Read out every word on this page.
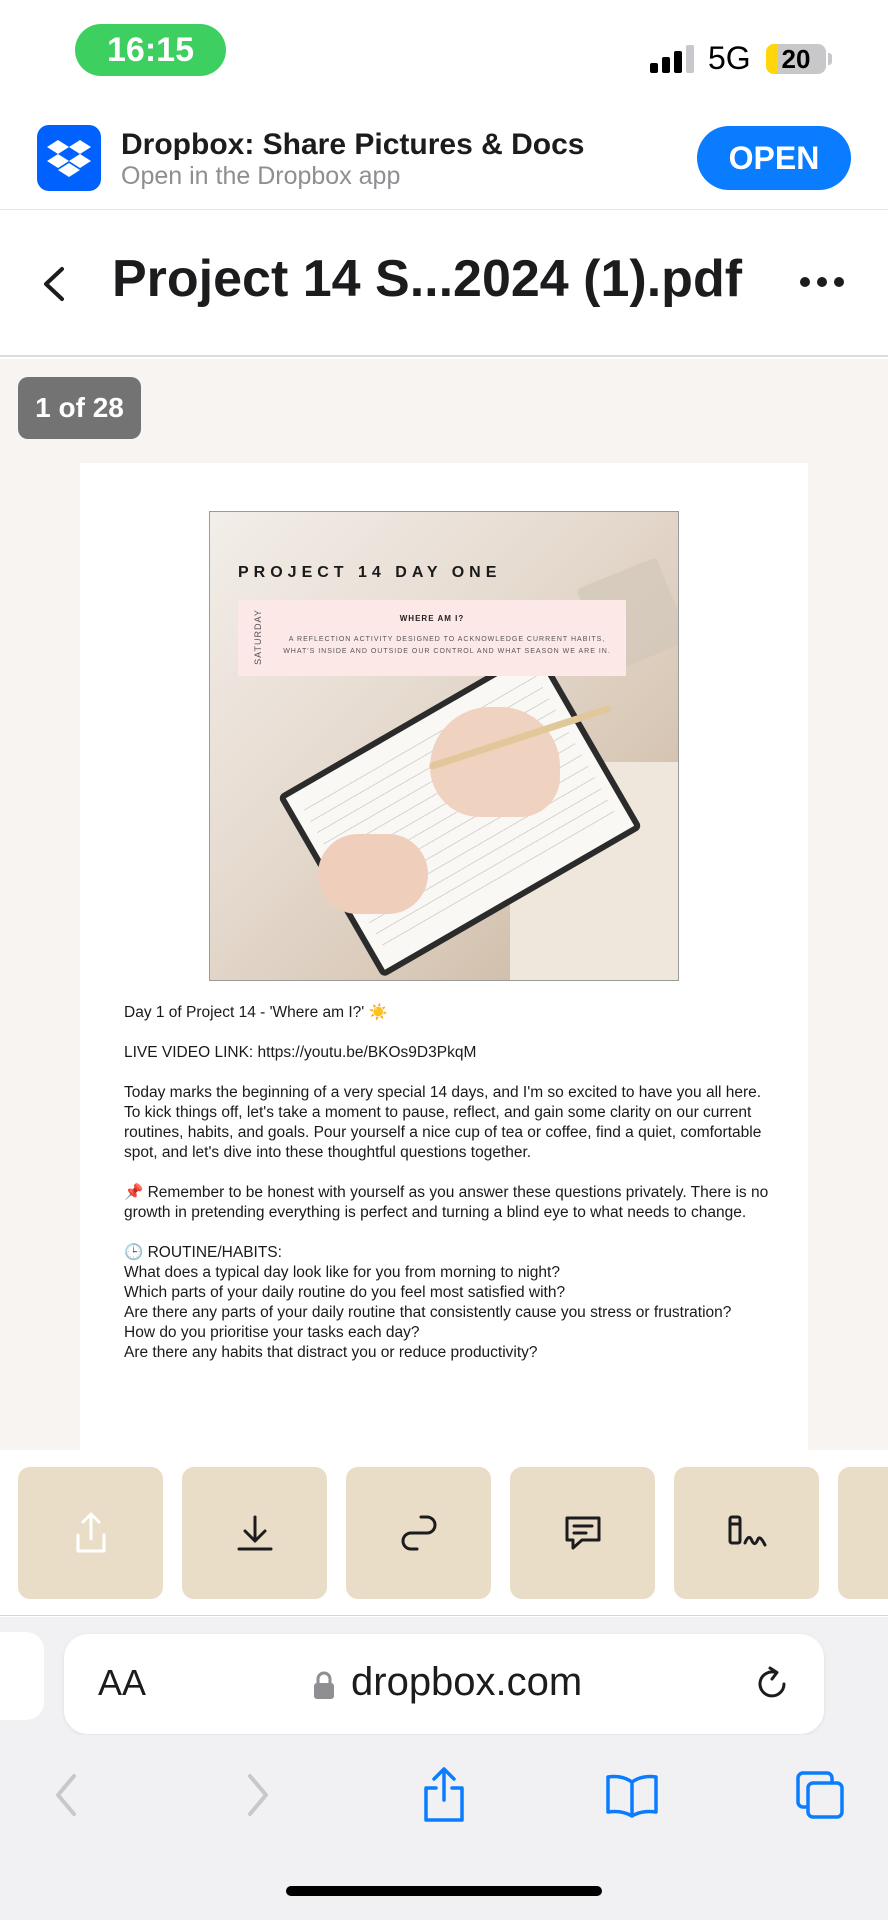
16:15	5G	20
Dropbox: Share Pictures & Docs
Open in the Dropbox app
OPEN
Project 14 S...2024 (1).pdf
PROJECT 14 DAY ONE
SATURDAY	WHERE AM I?
A REFLECTION ACTIVITY DESIGNED TO ACKNOWLEDGE CURRENT HABITS, WHAT'S INSIDE AND OUTSIDE OUR CONTROL AND WHAT SEASON WE ARE IN.

Day 1 of Project 14 - 'Where am I?' ☀️

LIVE VIDEO LINK: https://youtu.be/BKOs9D3PkqM

Today marks the beginning of a very special 14 days, and I'm so excited to have you all here. To kick things off, let's take a moment to pause, reflect, and gain some clarity on our current routines, habits, and goals. Pour yourself a nice cup of tea or coffee, find a quiet, comfortable spot, and let's dive into these thoughtful questions together.

📌 Remember to be honest with yourself as you answer these questions privately. There is no growth in pretending everything is perfect and turning a blind eye to what needs to change.

🕒 ROUTINE/HABITS:
What does a typical day look like for you from morning to night?
Which parts of your daily routine do you feel most satisfied with?
Are there any parts of your daily routine that consistently cause you stress or frustration?
How do you prioritise your tasks each day?
Are there any habits that distract you or reduce productivity?
1 of 28
AA	dropbox.com
